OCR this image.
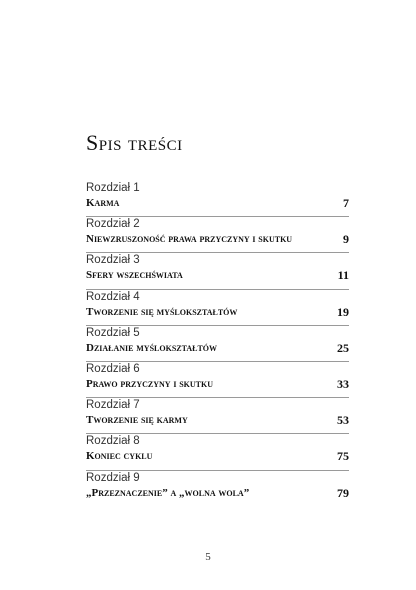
Spis treści
Rozdział 1
Karma	7
Rozdział 2
Niewzruszoność prawa przyczyny i skutku	9
Rozdział 3
Sfery wszechświata	11
Rozdział 4
Tworzenie się myślokształtów	19
Rozdział 5
Działanie myślokształtów	25
Rozdział 6
Prawo przyczyny i skutku	33
Rozdział 7
Tworzenie się karmy	53
Rozdział 8
Koniec cyklu	75
Rozdział 9
„Przeznaczenie” a „wolna wola”	79
5
